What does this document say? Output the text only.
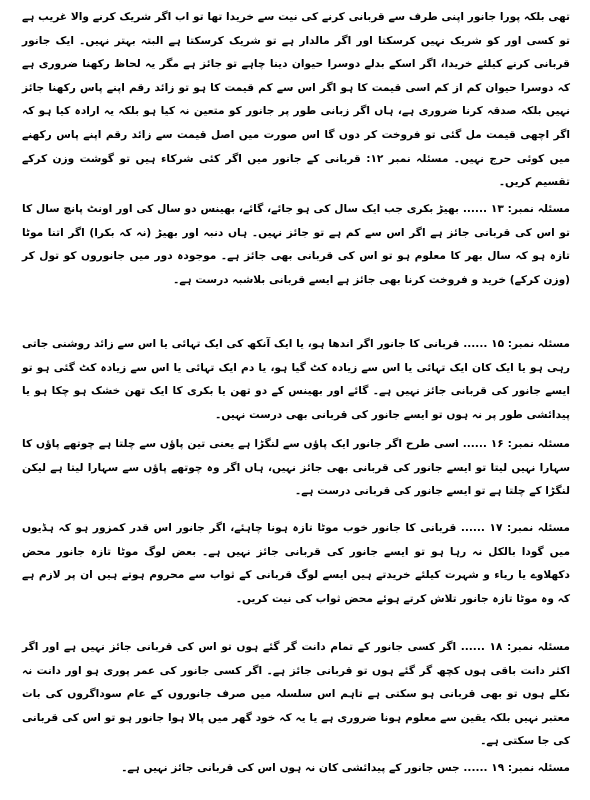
تھی بلکہ پورا جانور اپنی طرف سے قربانی کرنے کی نیت سے خریدا تھا تو اب اگر شریک کرنے والا غریب ہے تو کسی اور کو شریک نہیں کرسکتا اور اگر مالدار ہے تو شریک کرسکتا ہے البتہ بہتر نہیں۔ ایک جانور قربانی کرنے کیلئے خریدا، اگر اسکے بدلے دوسرا حیوان دینا چاہے تو جائز ہے مگر یہ لحاظ رکھنا ضروری ہے کہ دوسرا حیوان کم از کم اسی قیمت کا ہو اگر اس سے کم قیمت کا ہو تو زائد رقم اپنے پاس رکھنا جائز نہیں بلکہ صدقہ کرنا ضروری ہے، ہاں اگر زبانی طور پر جانور کو متعین نہ کیا ہو بلکہ یہ ارادہ کیا ہو کہ اگر اچھی قیمت مل گئی تو فروخت کر دوں گا اس صورت میں اصل قیمت سے زائد رقم اپنے پاس رکھنے میں کوئی حرج نہیں۔ مسئلہ نمبر ۱۲: قربانی کے جانور میں اگر کئی شرکاء ہیں تو گوشت وزن کرکے تقسیم کریں۔

مسئلہ نمبر: ۱۳ ...... بھیڑ بکری جب ایک سال کی ہو جائے، گائے، بھینس دو سال کی اور اونٹ پانچ سال کا تو اس کی قربانی جائز ہے اگر اس سے کم ہے تو جائز نہیں۔ ہاں دنبہ اور بھیڑ (نہ کہ بکرا) اگر اتنا موٹا تازہ ہو کہ سال بھر کا معلوم ہو تو اس کی قربانی بھی جائز ہے۔ موجودہ دور میں جانوروں کو تول کر (وزن کرکے) خرید و فروخت کرنا بھی جائز ہے ایسے قربانی بلاشبہ درست ہے۔

مسئلہ نمبر: ۱۵ ...... قربانی کا جانور اگر اندھا ہو، یا ایک آنکھ کی ایک تہائی یا اس سے زائد روشنی جاتی رہی ہو یا ایک کان ایک تہائی یا اس سے زیادہ کٹ گیا ہو، یا دم ایک تہائی یا اس سے زیادہ کٹ گئی ہو تو ایسے جانور کی قربانی جائز نہیں ہے۔ گائے اور بھینس کے دو تھن یا بکری کا ایک تھن خشک ہو چکا ہو یا پیدائشی طور پر نہ ہوں تو ایسے جانور کی قربانی بھی درست نہیں۔

مسئلہ نمبر: ۱۶ ...... اسی طرح اگر جانور ایک پاؤں سے لنگڑا ہے یعنی تین پاؤں سے چلتا ہے چوتھے پاؤں کا سہارا نہیں لیتا تو ایسے جانور کی قربانی بھی جائز نہیں، ہاں اگر وہ چوتھے پاؤں سے سہارا لیتا ہے لیکن لنگڑا کے چلتا ہے تو ایسے جانور کی قربانی درست ہے۔

مسئلہ نمبر: ۱۷ ...... قربانی کا جانور خوب موٹا تازہ ہونا چاہئے، اگر جانور اس قدر کمزور ہو کہ ہڈیوں میں گودا بالکل نہ رہا ہو تو ایسے جانور کی قربانی جائز نہیں ہے۔ بعض لوگ موٹا تازہ جانور محض دکھلاوے یا ریاء و شہرت کیلئے خریدتے ہیں ایسے لوگ قربانی کے ثواب سے محروم ہوتے ہیں ان پر لازم ہے کہ وہ موٹا تازہ جانور تلاش کرتے ہوئے محض ثواب کی نیت کریں۔

مسئلہ نمبر: ۱۸ ...... اگر کسی جانور کے تمام دانت گر گئے ہوں تو اس کی قربانی جائز نہیں ہے اور اگر اکثر دانت باقی ہوں کچھ گر گئے ہوں تو قربانی جائز ہے۔ اگر کسی جانور کی عمر پوری ہو اور دانت نہ نکلے ہوں تو بھی قربانی ہو سکتی ہے تاہم اس سلسلہ میں صرف جانوروں کے عام سوداگروں کی بات معتبر نہیں بلکہ یقین سے معلوم ہونا ضروری ہے یا یہ کہ خود گھر میں پالا ہوا جانور ہو تو اس کی قربانی کی جا سکتی ہے۔

مسئلہ نمبر: ۱۹ ...... جس جانور کے پیدائشی کان نہ ہوں اس کی قربانی جائز نہیں ہے۔
